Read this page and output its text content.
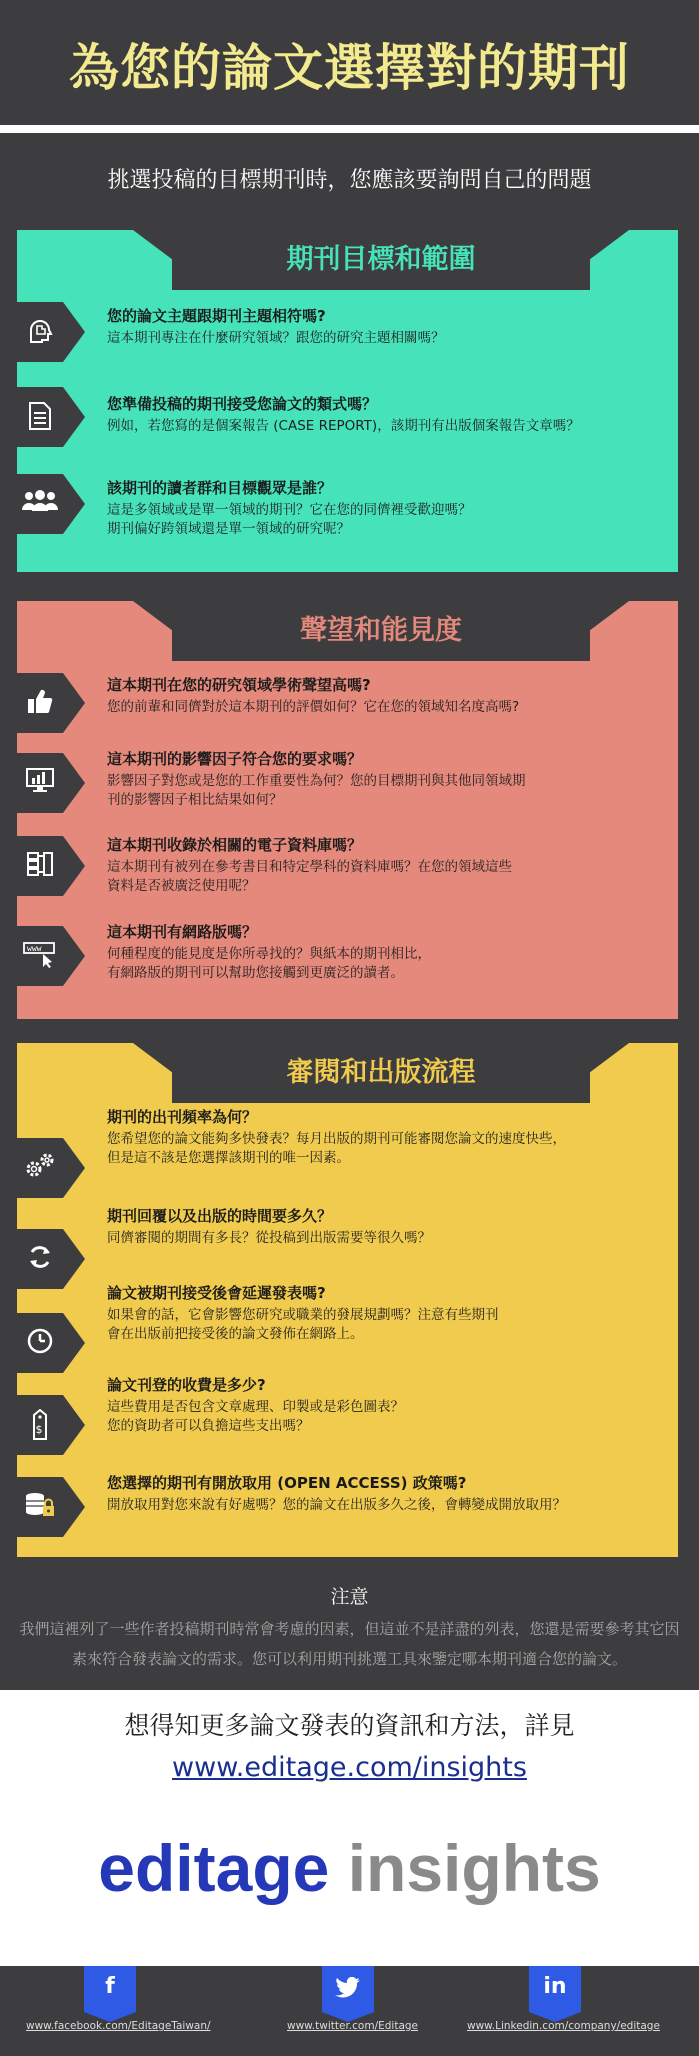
為您的論文選擇對的期刊

挑選投稿的目標期刊時，您應該要詢問自己的問題

期刊目標和範圍

您的論文主題跟期刊主題相符嗎?

這本期刊專注在什麼研究領域？跟您的研究主題相關嗎？

您準備投稿的期刊接受您論文的類式嗎？

例如，若您寫的是個案報告 (CASE REPORT)，該期刊有出版個案報告文章嗎？

該期刊的讀者群和目標觀眾是誰？

這是多領域或是單一領域的期刊？它在您的同儕裡受歡迎嗎？
期刊偏好跨領域還是單一領域的研究呢？

聲望和能見度

這本期刊在您的研究領域學術聲望高嗎?

您的前輩和同儕對於這本期刊的評價如何？它在您的領域知名度高嗎?

這本期刊的影響因子符合您的要求嗎？

影響因子對您或是您的工作重要性為何？您的目標期刊與其他同領域期
刊的影響因子相比結果如何？

這本期刊收錄於相關的電子資料庫嗎？

這本期刊有被列在參考書目和特定學科的資料庫嗎？在您的領域這些
資料是否被廣泛使用呢？

www

這本期刊有網路版嗎？

何種程度的能見度是你所尋找的？與紙本的期刊相比，
有網路版的期刊可以幫助您接觸到更廣泛的讀者。

審閱和出版流程

期刊的出刊頻率為何？

您希望您的論文能夠多快發表？每月出版的期刊可能審閱您論文的速度快些，
但是這不該是您選擇該期刊的唯一因素。

期刊回覆以及出版的時間要多久？

同儕審閱的期間有多長？從投稿到出版需要等很久嗎？

論文被期刊接受後會延遲發表嗎?

如果會的話，它會影響您研究或職業的發展規劃嗎？注意有些期刊
會在出版前把接受後的論文發佈在網路上。

$

論文刊登的收費是多少?

這些費用是否包含文章處理、印製或是彩色圖表？
您的資助者可以負擔這些支出嗎？

您選擇的期刊有開放取用 (OPEN ACCESS) 政策嗎?

開放取用對您來說有好處嗎？您的論文在出版多久之後，會轉變成開放取用？

注意
我們這裡列了一些作者投稿期刊時常會考慮的因素，但這並不是詳盡的列表，您還是需要參考其它因素來符合發表論文的需求。您可以利用期刊挑選工具來鑒定哪本期刊適合您的論文。
想得知更多論文發表的資訊和方法，詳見
www.editage.com/insights
editage insights
f
www.facebook.com/EditageTaiwan/	www.twitter.com/Editage
in
www.Linkedin.com/company/editage
